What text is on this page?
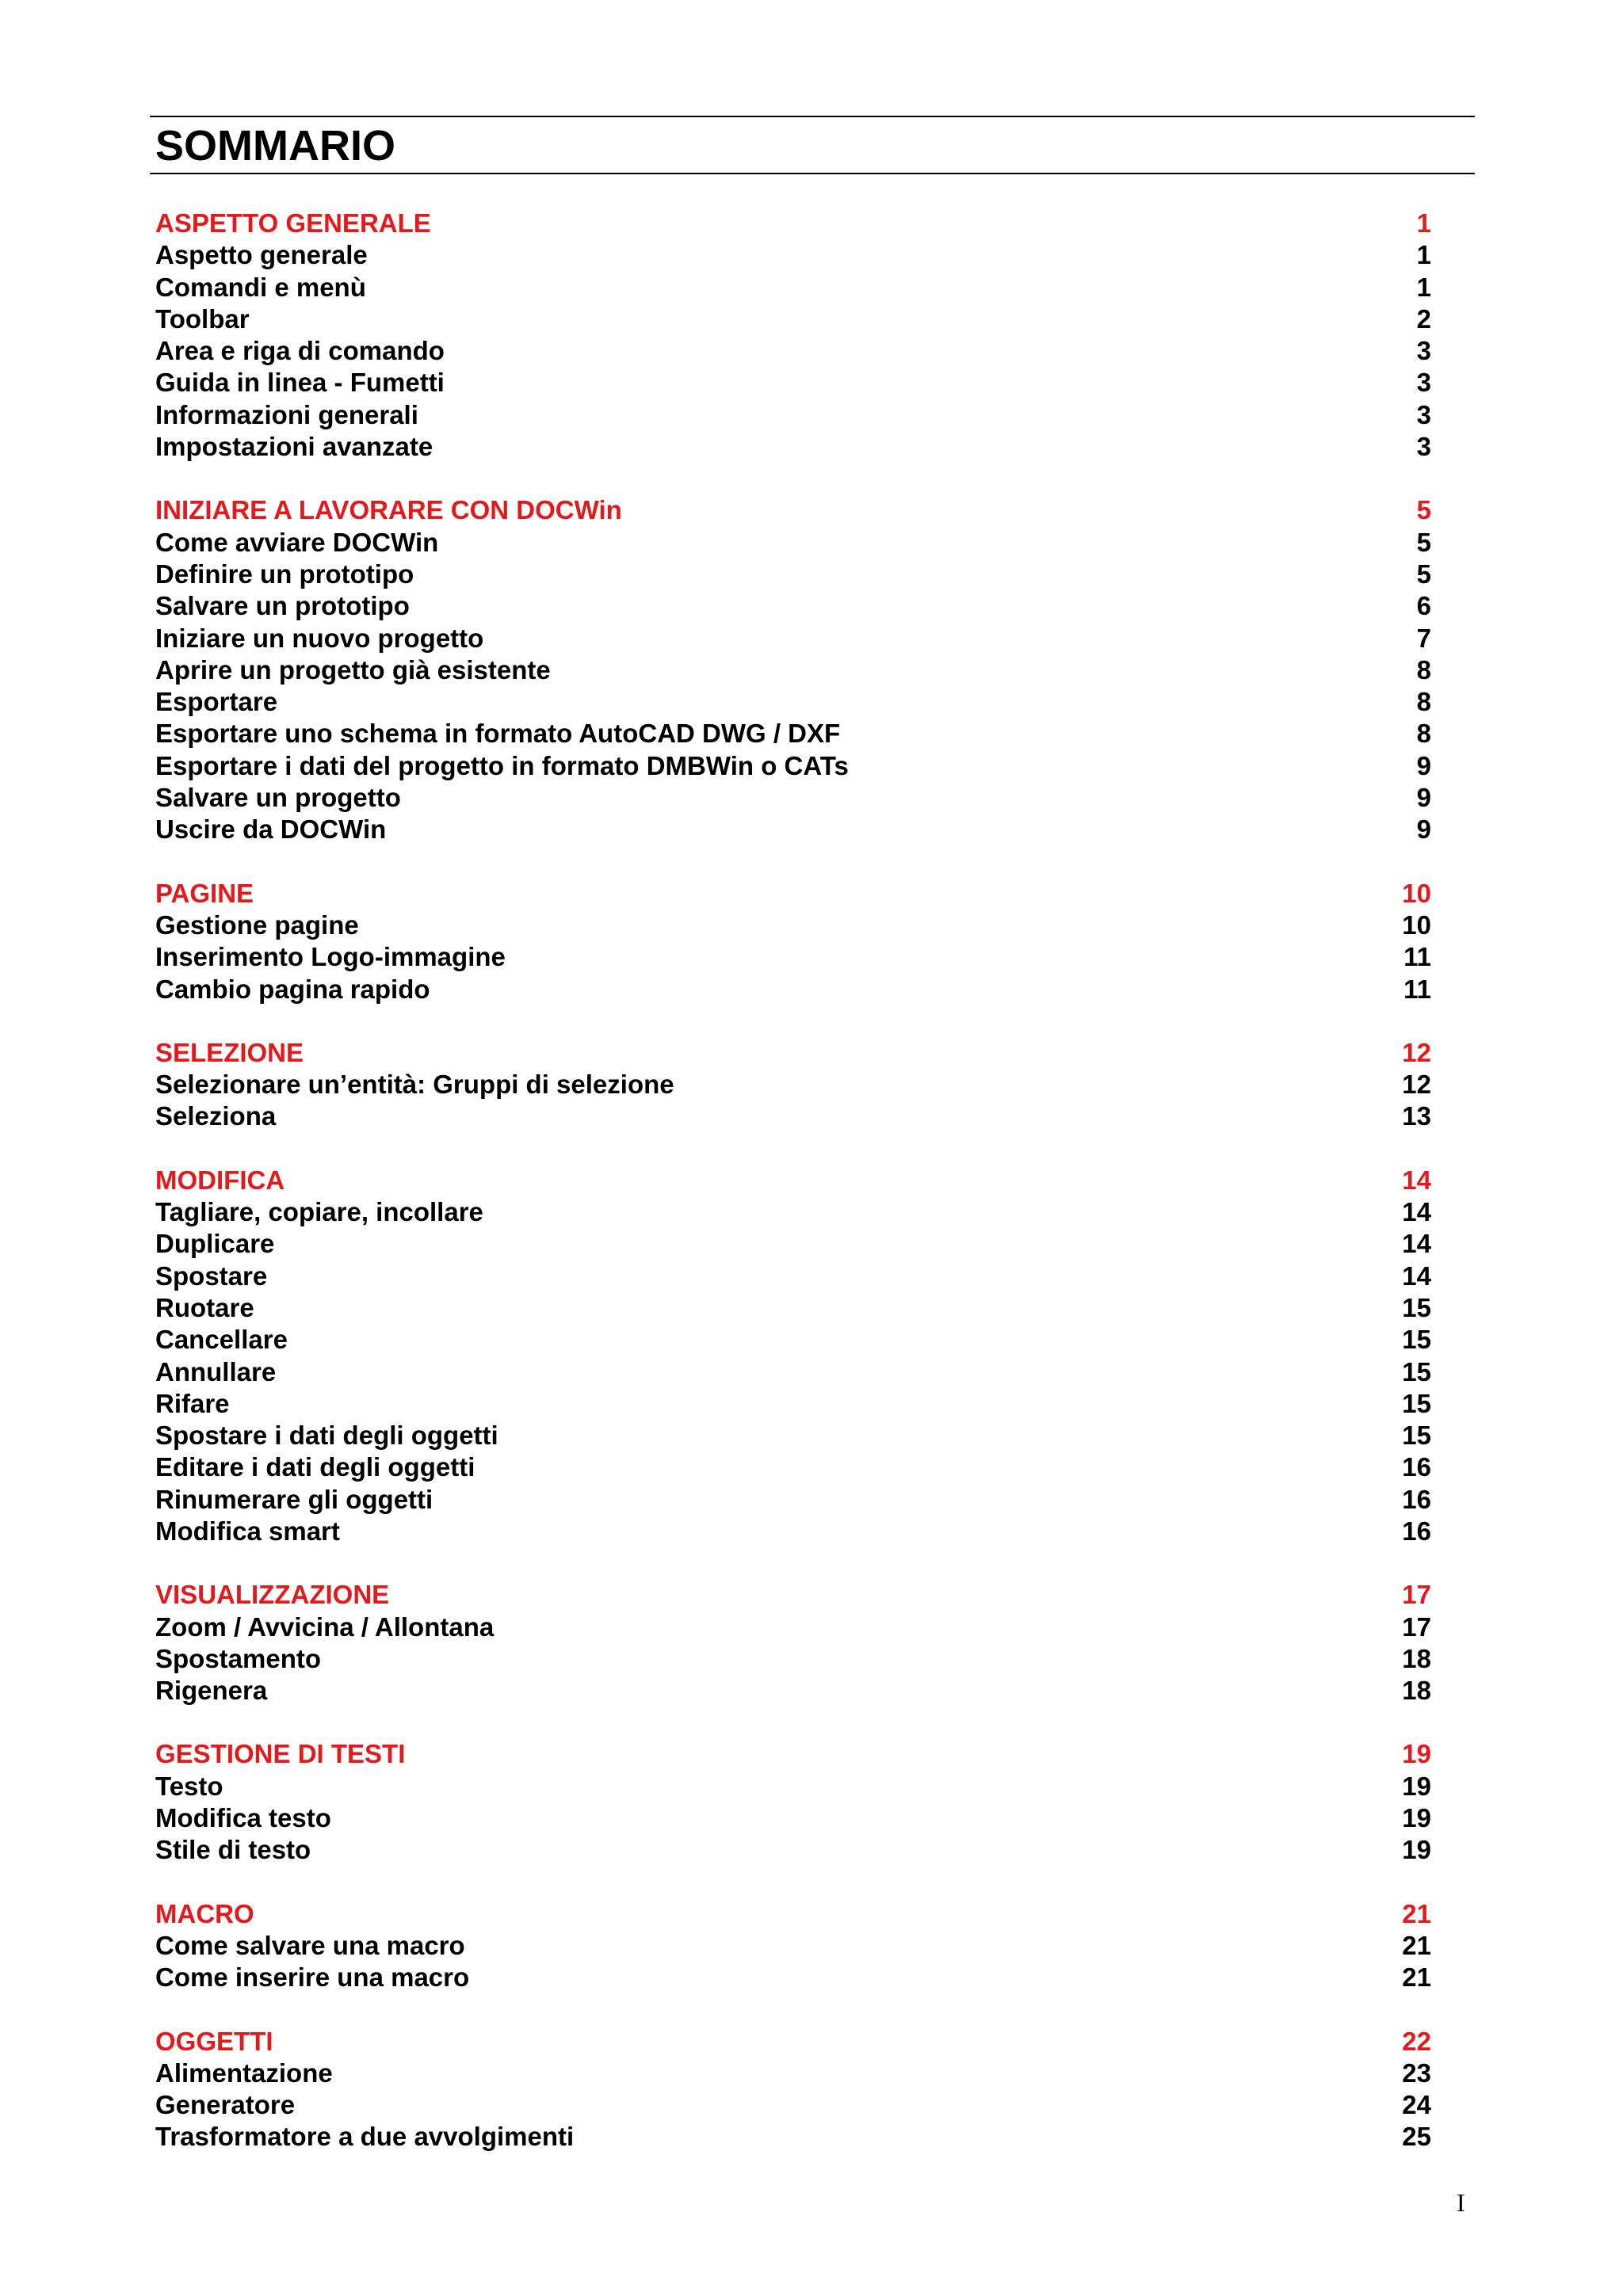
SOMMARIO
ASPETTO GENERALE	1
Aspetto generale	1
Comandi e menù	1
Toolbar	2
Area e riga di comando	3
Guida in linea - Fumetti	3
Informazioni generali	3
Impostazioni avanzate	3
INIZIARE A LAVORARE CON DOCWin	5
Come avviare DOCWin	5
Definire un prototipo	5
Salvare un prototipo	6
Iniziare un nuovo progetto	7
Aprire un progetto già esistente	8
Esportare	8
Esportare uno schema in formato AutoCAD DWG / DXF	8
Esportare i dati del progetto in formato DMBWin o CATs	9
Salvare un progetto	9
Uscire da DOCWin	9
PAGINE	10
Gestione pagine	10
Inserimento Logo-immagine	11
Cambio pagina rapido	11
SELEZIONE	12
Selezionare un’entità: Gruppi di selezione	12
Seleziona	13
MODIFICA	14
Tagliare, copiare, incollare	14
Duplicare	14
Spostare	14
Ruotare	15
Cancellare	15
Annullare	15
Rifare	15
Spostare i dati degli oggetti	15
Editare i dati degli oggetti	16
Rinumerare gli oggetti	16
Modifica smart	16
VISUALIZZAZIONE	17
Zoom / Avvicina / Allontana	17
Spostamento	18
Rigenera	18
GESTIONE DI TESTI	19
Testo	19
Modifica testo	19
Stile di testo	19
MACRO	21
Come salvare una macro	21
Come inserire una macro	21
OGGETTI	22
Alimentazione	23
Generatore	24
Trasformatore a due avvolgimenti	25
I
